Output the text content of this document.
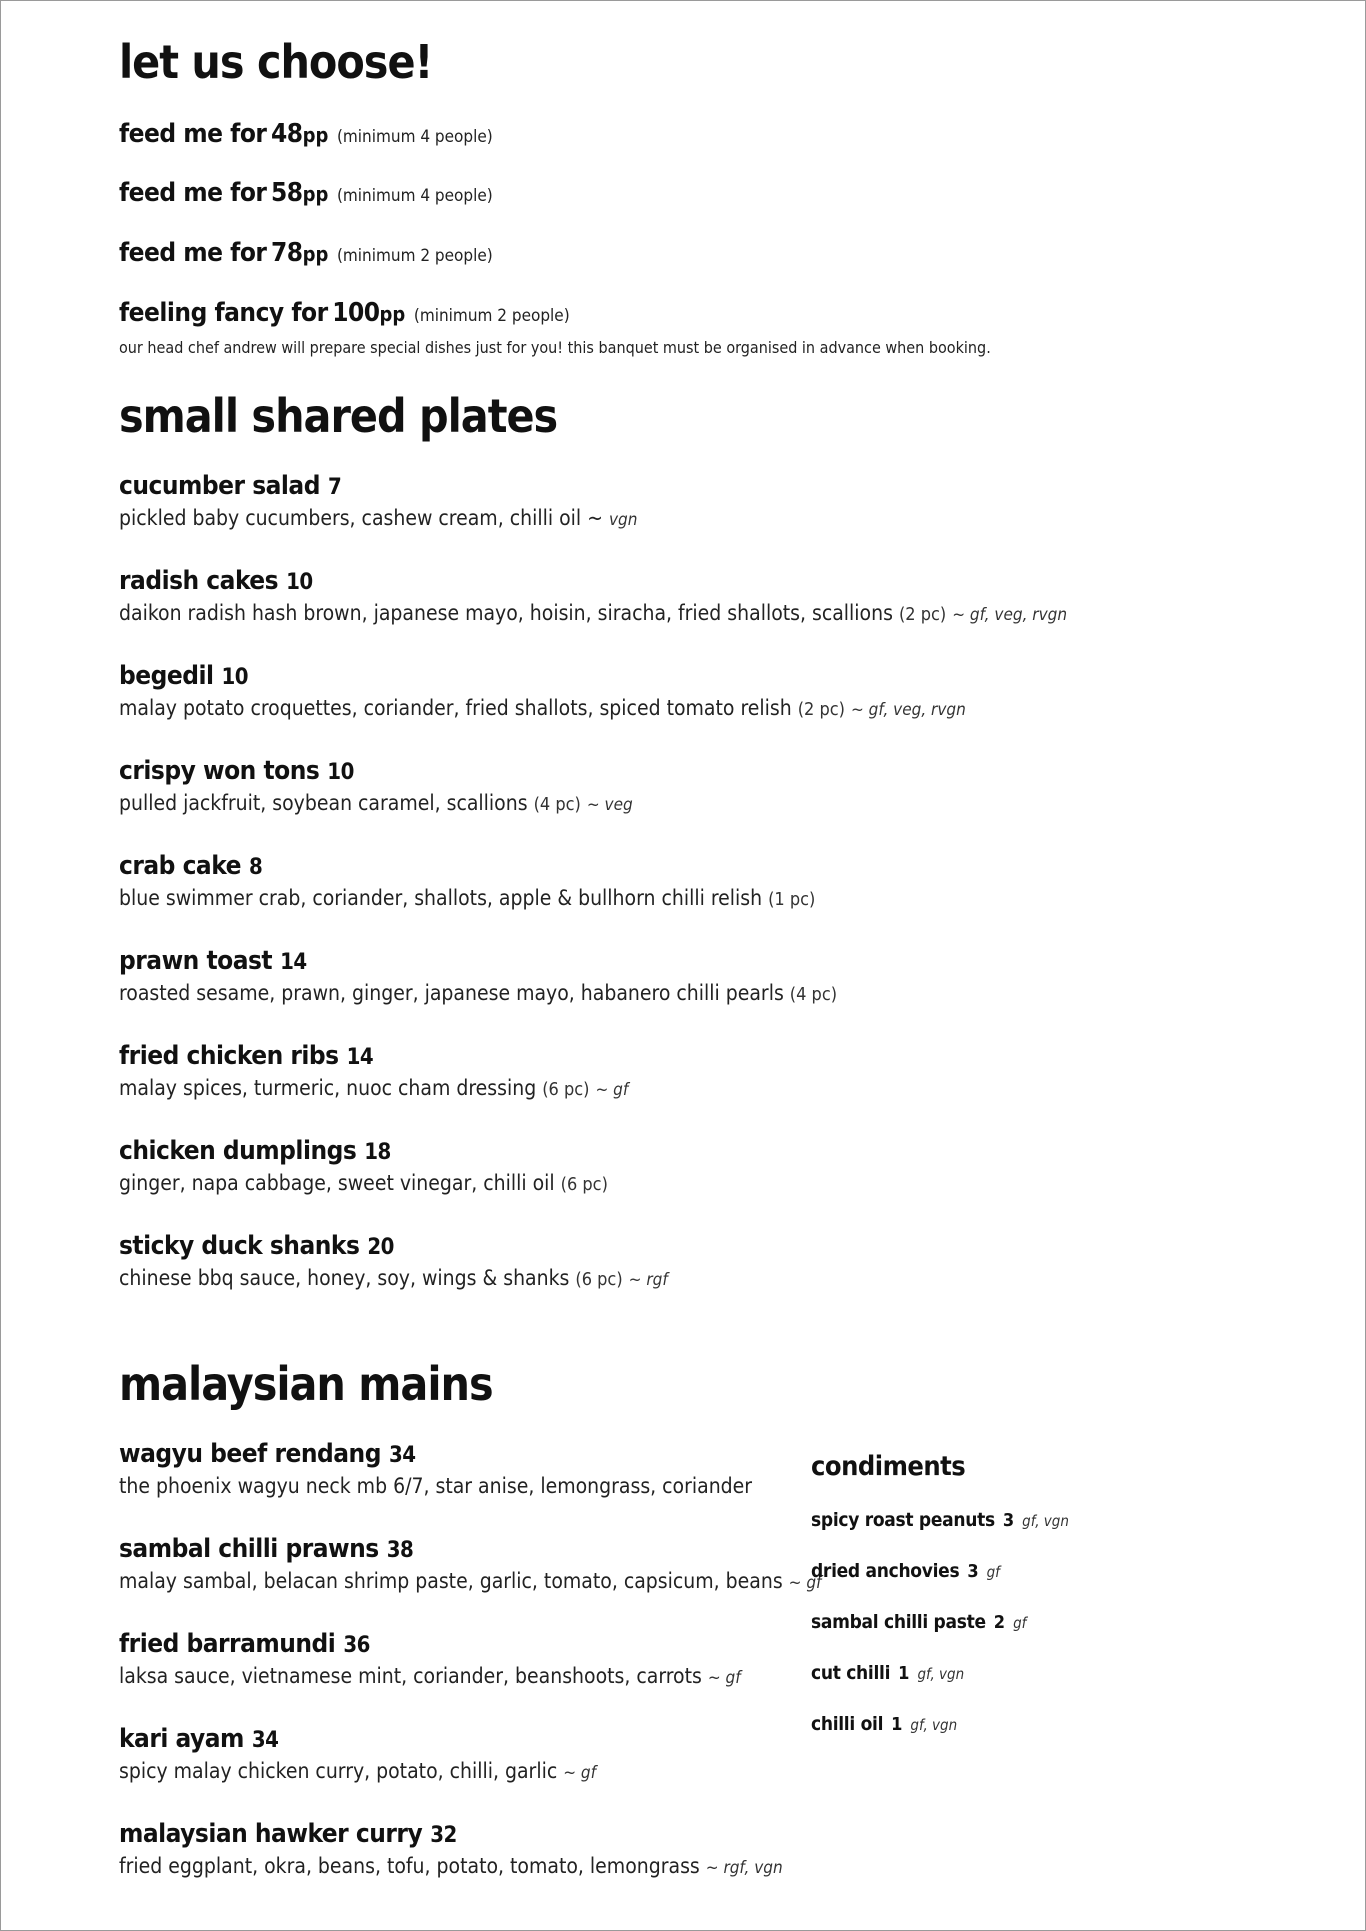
let us choose!
feed me for 48pp (minimum 4 people)
feed me for 58pp (minimum 4 people)
feed me for 78pp (minimum 2 people)
feeling fancy for 100pp (minimum 2 people)
our head chef andrew will prepare special dishes just for you! this banquet must be organised in advance when booking.
small shared plates
cucumber salad 7
pickled baby cucumbers, cashew cream, chilli oil ~ vgn
radish cakes 10
daikon radish hash brown, japanese mayo, hoisin, siracha, fried shallots, scallions (2 pc) ~ gf, veg, rvgn
begedil 10
malay potato croquettes, coriander, fried shallots, spiced tomato relish (2 pc) ~ gf, veg, rvgn
crispy won tons 10
pulled jackfruit, soybean caramel, scallions (4 pc) ~ veg
crab cake 8
blue swimmer crab, coriander, shallots, apple & bullhorn chilli relish (1 pc)
prawn toast 14
roasted sesame, prawn, ginger, japanese mayo, habanero chilli pearls (4 pc)
fried chicken ribs 14
malay spices, turmeric, nuoc cham dressing (6 pc) ~ gf
chicken dumplings 18
ginger, napa cabbage, sweet vinegar, chilli oil (6 pc)
sticky duck shanks 20
chinese bbq sauce, honey, soy, wings & shanks (6 pc) ~ rgf
malaysian mains
wagyu beef rendang 34
the phoenix wagyu neck mb 6/7, star anise, lemongrass, coriander
sambal chilli prawns 38
malay sambal, belacan shrimp paste, garlic, tomato, capsicum, beans ~ gf
fried barramundi 36
laksa sauce, vietnamese mint, coriander, beanshoots, carrots ~ gf
kari ayam 34
spicy malay chicken curry, potato, chilli, garlic ~ gf
malaysian hawker curry 32
fried eggplant, okra, beans, tofu, potato, tomato, lemongrass ~ rgf, vgn
condiments
spicy roast peanuts 3 gf, vgn
dried anchovies 3 gf
sambal chilli paste 2 gf
cut chilli 1 gf, vgn
chilli oil 1 gf, vgn
